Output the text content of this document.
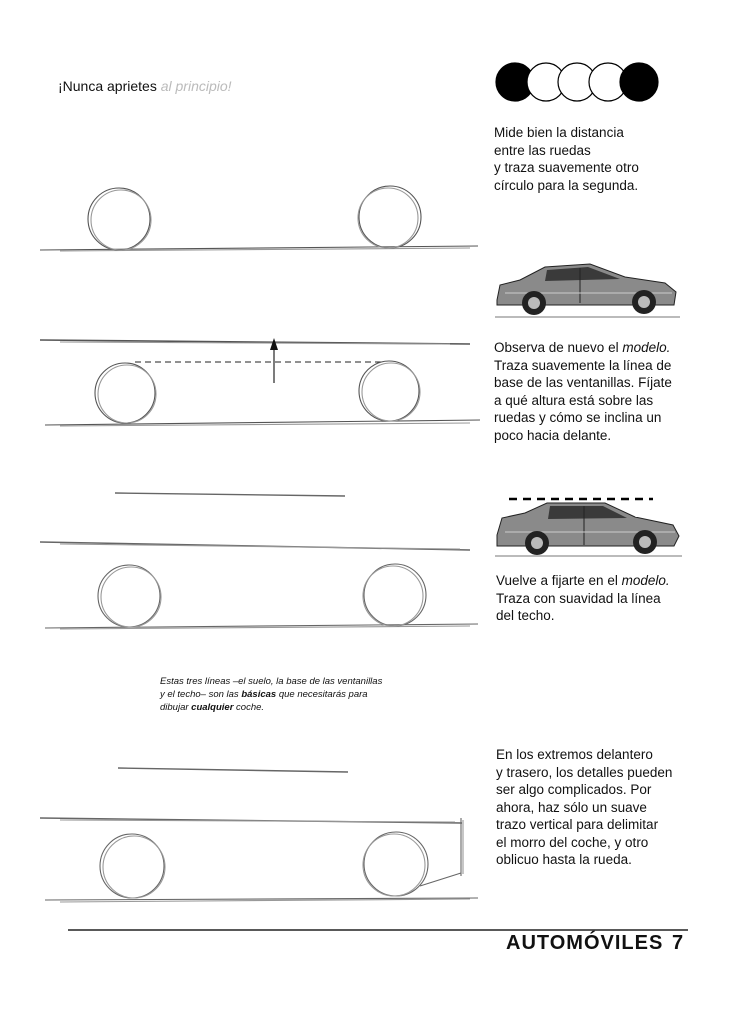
¡Nunca aprietes al principio!
Mide bien la distancia
entre las ruedas
y traza suavemente otro
círculo para la segunda.
Observa de nuevo el modelo.
Traza suavemente la línea de
base de las ventanillas. Fíjate
a qué altura está sobre las
ruedas y cómo se inclina un
poco hacia delante.
Vuelve a fijarte en el modelo.
Traza con suavidad la línea
del techo.
En los extremos delantero
y trasero, los detalles pueden
ser algo complicados. Por
ahora, haz sólo un suave
trazo vertical para delimitar
el morro del coche, y otro
oblicuo hasta la rueda.
Estas tres líneas –el suelo, la base de las ventanillas y el techo– son las básicas que necesitarás para dibujar cualquier coche.
AUTOMÓVILES 7
